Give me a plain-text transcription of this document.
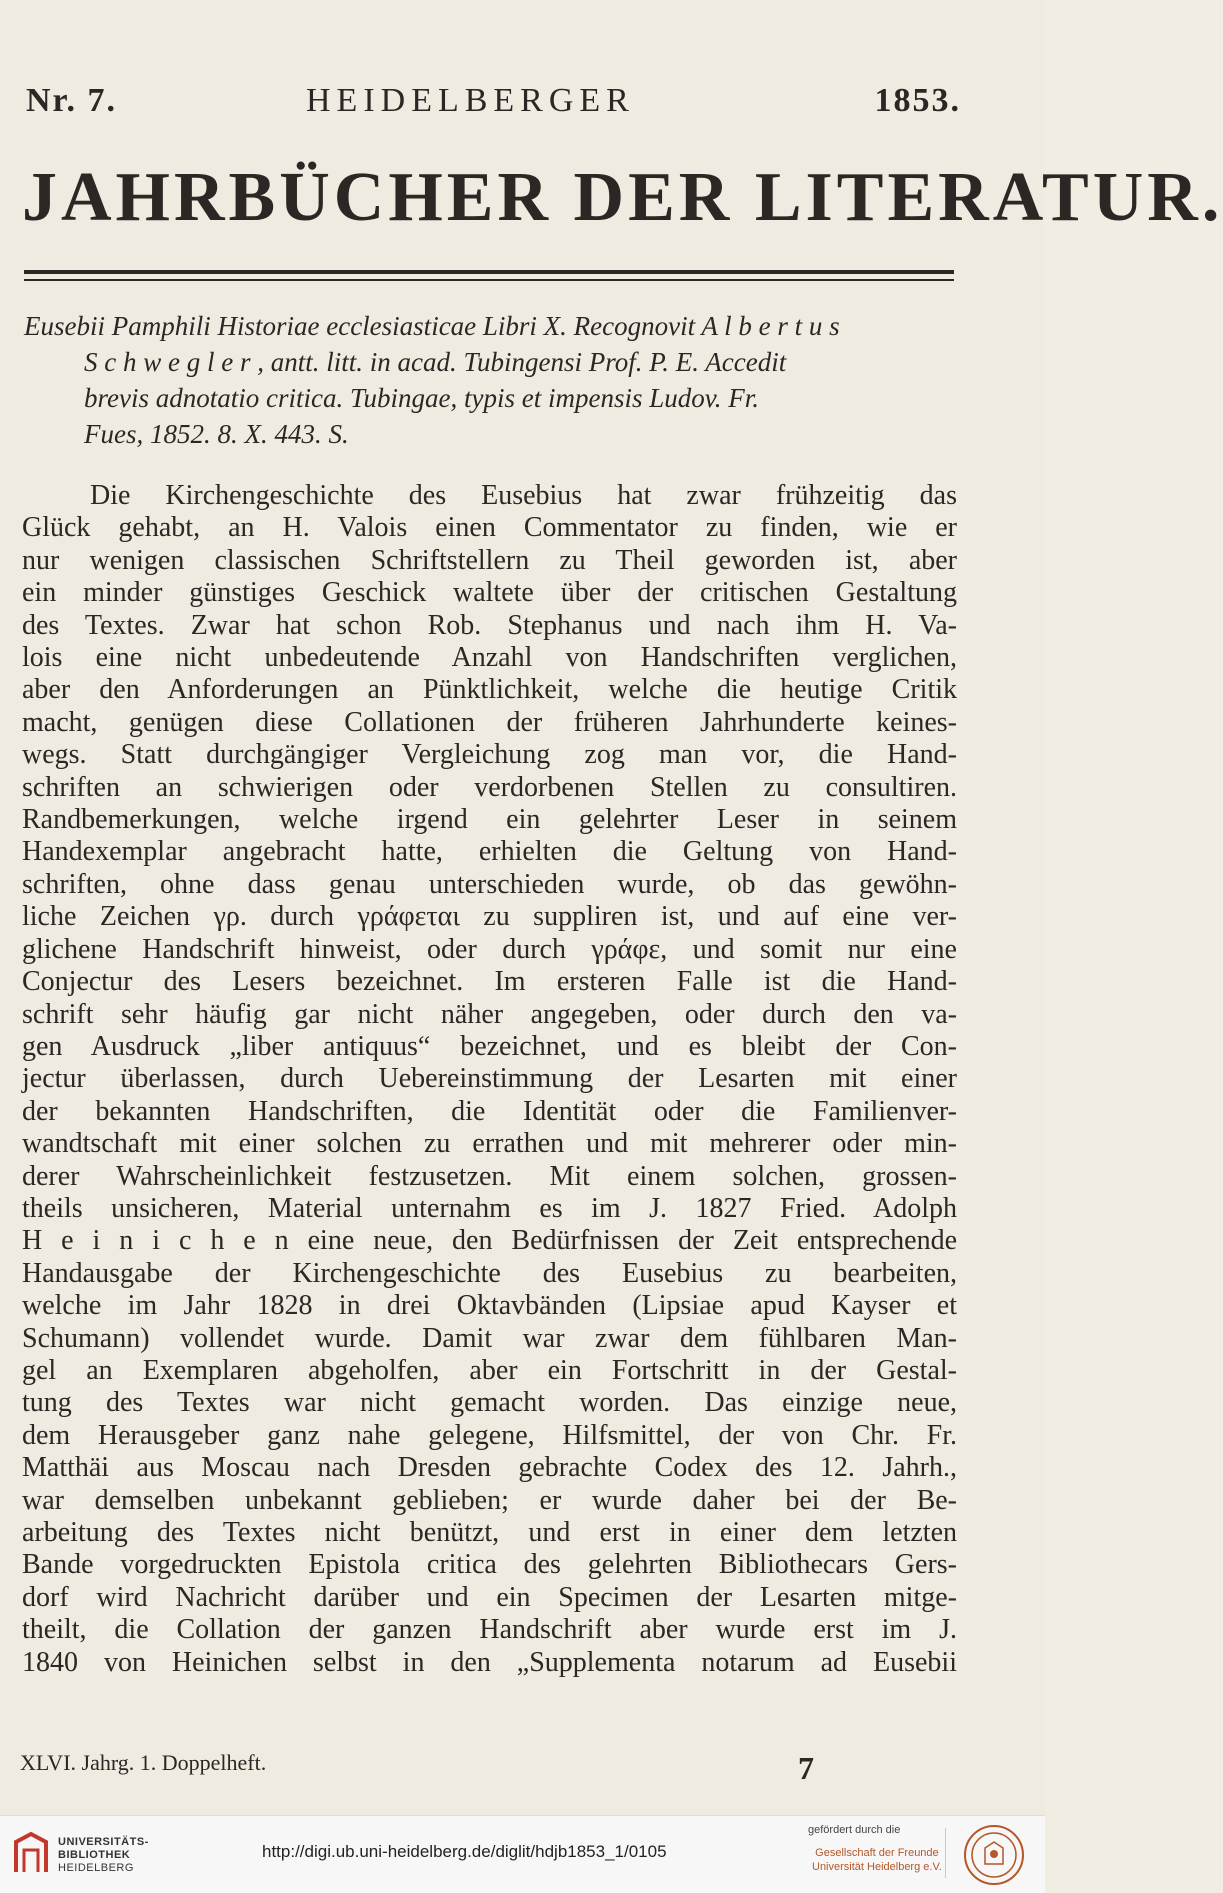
Nr. 7.	HEIDELBERGER	1853.
JAHRBÜCHER DER LITERATUR.
Eusebii Pamphili Historiae ecclesiasticae Libri X. Recognovit A l b e r t u s
S c h w e g l e r , antt. litt. in acad. Tubingensi Prof. P. E. Accedit
brevis adnotatio critica. Tubingae, typis et impensis Ludov. Fr.
Fues, 1852. 8. X. 443. S.
Die Kirchengeschichte des Eusebius hat zwar frühzeitig das
Glück gehabt, an H. Valois einen Commentator zu finden, wie er
nur wenigen classischen Schriftstellern zu Theil geworden ist, aber
ein minder günstiges Geschick waltete über der critischen Gestaltung
des Textes. Zwar hat schon Rob. Stephanus und nach ihm H. Va-
lois eine nicht unbedeutende Anzahl von Handschriften verglichen,
aber den Anforderungen an Pünktlichkeit, welche die heutige Critik
macht, genügen diese Collationen der früheren Jahrhunderte keines-
wegs. Statt durchgängiger Vergleichung zog man vor, die Hand-
schriften an schwierigen oder verdorbenen Stellen zu consultiren.
Randbemerkungen, welche irgend ein gelehrter Leser in seinem
Handexemplar angebracht hatte, erhielten die Geltung von Hand-
schriften, ohne dass genau unterschieden wurde, ob das gewöhn-
liche Zeichen γρ. durch γράφεται zu suppliren ist, und auf eine ver-
glichene Handschrift hinweist, oder durch γράφε, und somit nur eine
Conjectur des Lesers bezeichnet. Im ersteren Falle ist die Hand-
schrift sehr häufig gar nicht näher angegeben, oder durch den va-
gen Ausdruck „liber antiquus“ bezeichnet, und es bleibt der Con-
jectur überlassen, durch Uebereinstimmung der Lesarten mit einer
der bekannten Handschriften, die Identität oder die Familienver-
wandtschaft mit einer solchen zu errathen und mit mehrerer oder min-
derer Wahrscheinlichkeit festzusetzen. Mit einem solchen, grossen-
theils unsicheren, Material unternahm es im J. 1827 Fried. Adolph
H e i n i c h e n eine neue, den Bedürfnissen der Zeit entsprechende
Handausgabe der Kirchengeschichte des Eusebius zu bearbeiten,
welche im Jahr 1828 in drei Oktavbänden (Lipsiae apud Kayser et
Schumann) vollendet wurde. Damit war zwar dem fühlbaren Man-
gel an Exemplaren abgeholfen, aber ein Fortschritt in der Gestal-
tung des Textes war nicht gemacht worden. Das einzige neue,
dem Herausgeber ganz nahe gelegene, Hilfsmittel, der von Chr. Fr.
Matthäi aus Moscau nach Dresden gebrachte Codex des 12. Jahrh.,
war demselben unbekannt geblieben; er wurde daher bei der Be-
arbeitung des Textes nicht benützt, und erst in einer dem letzten
Bande vorgedruckten Epistola critica des gelehrten Bibliothecars Gers-
dorf wird Nachricht darüber und ein Specimen der Lesarten mitge-
theilt, die Collation der ganzen Handschrift aber wurde erst im J.
1840 von Heinichen selbst in den „Supplementa notarum ad Eusebii
XLVI. Jahrg. 1. Doppelheft.	7
UNIVERSITÄTS-
BIBLIOTHEK
HEIDELBERG
http://digi.ub.uni-heidelberg.de/diglit/hdjb1853_1/0105
gefördert durch die
Gesellschaft der Freunde
Universität Heidelberg e.V.
